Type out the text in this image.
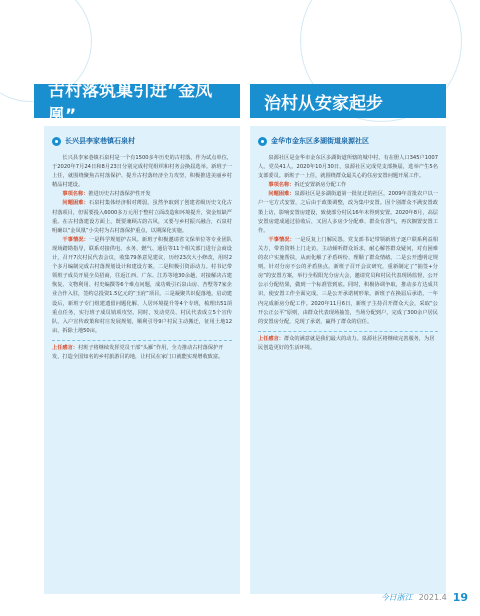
古村落筑巢引进“金凤凰”
治村从安家起步
长兴县李家巷镇石泉村

长兴县李家巷镇石泉村是一个有1500多年历史的古村落。作为试点单位，于2020年7月24日和8月23日分别完成村党组织和村务会换届选举。新班子一上任，就围绕聚焦古村落保护、提升古村落经济全力攻坚，积极推进美丽乡村精品村建设。

事项名称：推进历史古村落保护性开发

问题困难：石泉村集体经济相对薄弱，虽然争取到了创建省级历史文化古村落项目，但需要投入6000多万元用于整村立面改造和环境提升，资金短缺严重。在古村落建设方面上，既要兼顾古韵古风，又要与乡村振兴融合，石泉村明确以“金凤凰”小尖村为古村落保护重点，以期深化实施。

干事情况：一是科学规划护古风。新班子积极邀请省文保单位等专业团队现场踏勘指导，联系对接供电、水务、燃气、通信等11个相关部门进行会商设计，召开7次村民代表会议，收集79条意见建议，历经23次大小修改，用时2个多月编制完成古村落规划设计和建设方案。二是积极引资添动力。村书记带领班子成员开展全员招商，往返江西、广东、江苏等地30余趟，对接解决古建恢复、文物利用、村史编撰等6个难点问题，成功吸引石泉山房、杏墅等7家企业合作入驻，签约总投资1.5亿元的“玉府”项目。三是凝聚共识促落地。启动建设后，新班子专门组建遗留问题化解、人居环境提升等4个专班，梳理出51项重点任务，实行班子成员销项攻坚。同时，发动党员、村民代表成立5个宣传队，入户宣传政策和村庄发展规划，顺利引导9户村民主动搬迁，征用土地12亩，拆除土地50亩。

上任感言：村班子将继续发挥党员干部“头雁”作用，全力推动古村落保护开发，打造全国知名的乡村旅游目的地，让村民在家门口就能实现增收致富。
金华市金东区多湖街道泉源社区

泉源社区是金华市金东区多湖街道所辖的城中村，有在册人口345户1007人，党员41人。2020年10月30日，泉源社区完成党支部换届，选举产生5名支部委员。新班子一上任，就围绕群众最关心的住房安置问题开展工作。

事项名称：拆迁安置新房分配工作

问题困难：泉源社区是多湖街道第一批征迁的社区，2009年首批农户以一户一宅方式安置，之后由于政策调整，改为集中安置。因个别群众不满安置政策上访，影响安置房建设，致使部分村民16年未得到安置。2020年8月，高层安置房建成通过验收后，又因人多房少分配难、群众有怨气，再次搁置安置工作。

干事情况：一是反复上门解民怨。党支部书记带领新班子逐户联系利益相关方，带着资料上门走访，主动倾听群众诉求，耐心解答群众疑问，对有困难的农户实施帮扶，从而化解了矛盾纠纷、理顺了群众情绪。二是公开透明定规则。针对分房不公的矛盾焦点，新班子召开会议研究，重新制定了“抽签+分房”的安置方案，举行全程阳光分房大会，邀请党员和村民代表现场监督，公开公示分配结果，做到一个标准管到底。同时，积极协调争取，推动多方达成共识，使安置工作全面完成。三是公开承诺树形象。新班子在换届后承诺，一年内完成新房分配工作。2020年11月6日，新班子主持召开群众大会，采取“公开公正公平”原则，由群众代表现场抽签，当场分配到户，完成了300余户居民的安置房分配，兑现了承诺，赢得了群众的信任。

上任感言：群众的满意就是我们最大的动力。泉源社区将继续完善服务，为居民创造更好的生活环境。
今日浙江 2021.4 19
